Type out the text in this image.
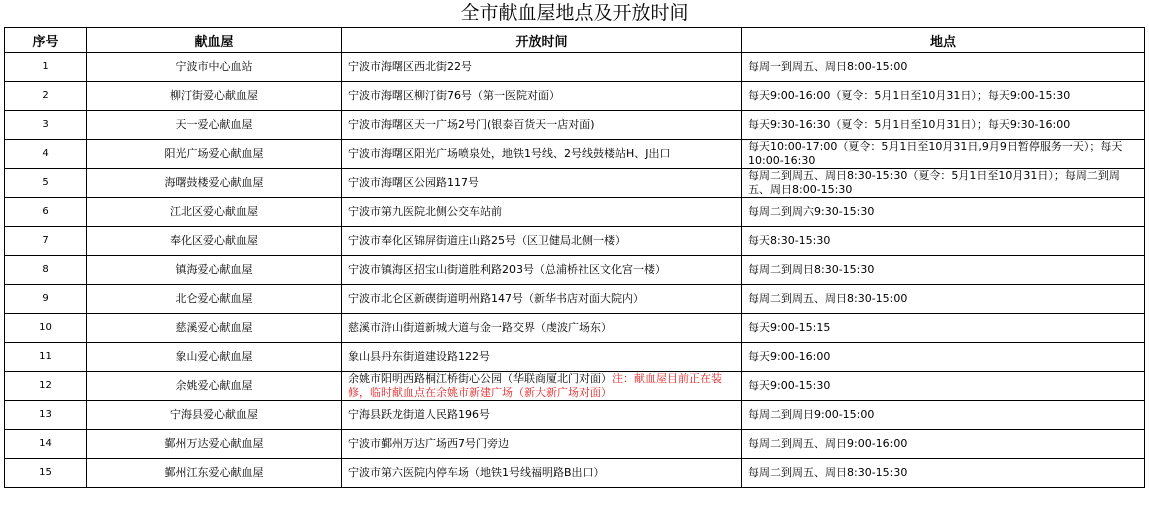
全市献血屋地点及开放时间
序号	献血屋	开放时间	地点
1	宁波市中心血站	宁波市海曙区西北街22号	每周一到周五、周日8:00-15:00
2	柳汀街爱心献血屋	宁波市海曙区柳汀街76号（第一医院对面）	每天9:00-16:00（夏令：5月1日至10月31日）；每天9:00-15:30
3	天一爱心献血屋	宁波市海曙区天一广场2号门(银泰百货天一店对面)	每天9:30-16:30（夏令：5月1日至10月31日）；每天9:30-16:00
4	阳光广场爱心献血屋	宁波市海曙区阳光广场喷泉处，地铁1号线、2号线鼓楼站H、J出口	每天10:00-17:00（夏令：5月1日至10月31日,9月9日暂停服务一天）；每天10:00-16:30
5	海曙鼓楼爱心献血屋	宁波市海曙区公园路117号	每周二到周五、周日8:30-15:30（夏令：5月1日至10月31日）；每周二到周五、周日8:00-15:30
6	江北区爱心献血屋	宁波市第九医院北侧公交车站前	每周二到周六9:30-15:30
7	奉化区爱心献血屋	宁波市奉化区锦屏街道庄山路25号（区卫健局北侧一楼）	每天8:30-15:30
8	镇海爱心献血屋	宁波市镇海区招宝山街道胜利路203号（总浦桥社区文化宫一楼）	每周二到周日8:30-15:30
9	北仑爱心献血屋	宁波市北仑区新碶街道明州路147号（新华书店对面大院内）	每周二到周五、周日8:30-15:00
10	慈溪爱心献血屋	慈溪市浒山街道新城大道与金一路交界（虔波广场东）	每天9:00-15:15
11	象山爱心献血屋	象山县丹东街道建设路122号	每天9:00-16:00
12	余姚爱心献血屋	余姚市阳明西路桐江桥街心公园（华联商厦北门对面）注：献血屋目前正在装修，临时献血点在余姚市新建广场（新大新广场对面）	每天9:00-15:30
13	宁海县爱心献血屋	宁海县跃龙街道人民路196号	每周二到周日9:00-15:00
14	鄞州万达爱心献血屋	宁波市鄞州万达广场西7号门旁边	每周二到周五、周日9:00-16:00
15	鄞州江东爱心献血屋	宁波市第六医院内停车场（地铁1号线福明路B出口）	每周二到周五、周日8:30-15:30
